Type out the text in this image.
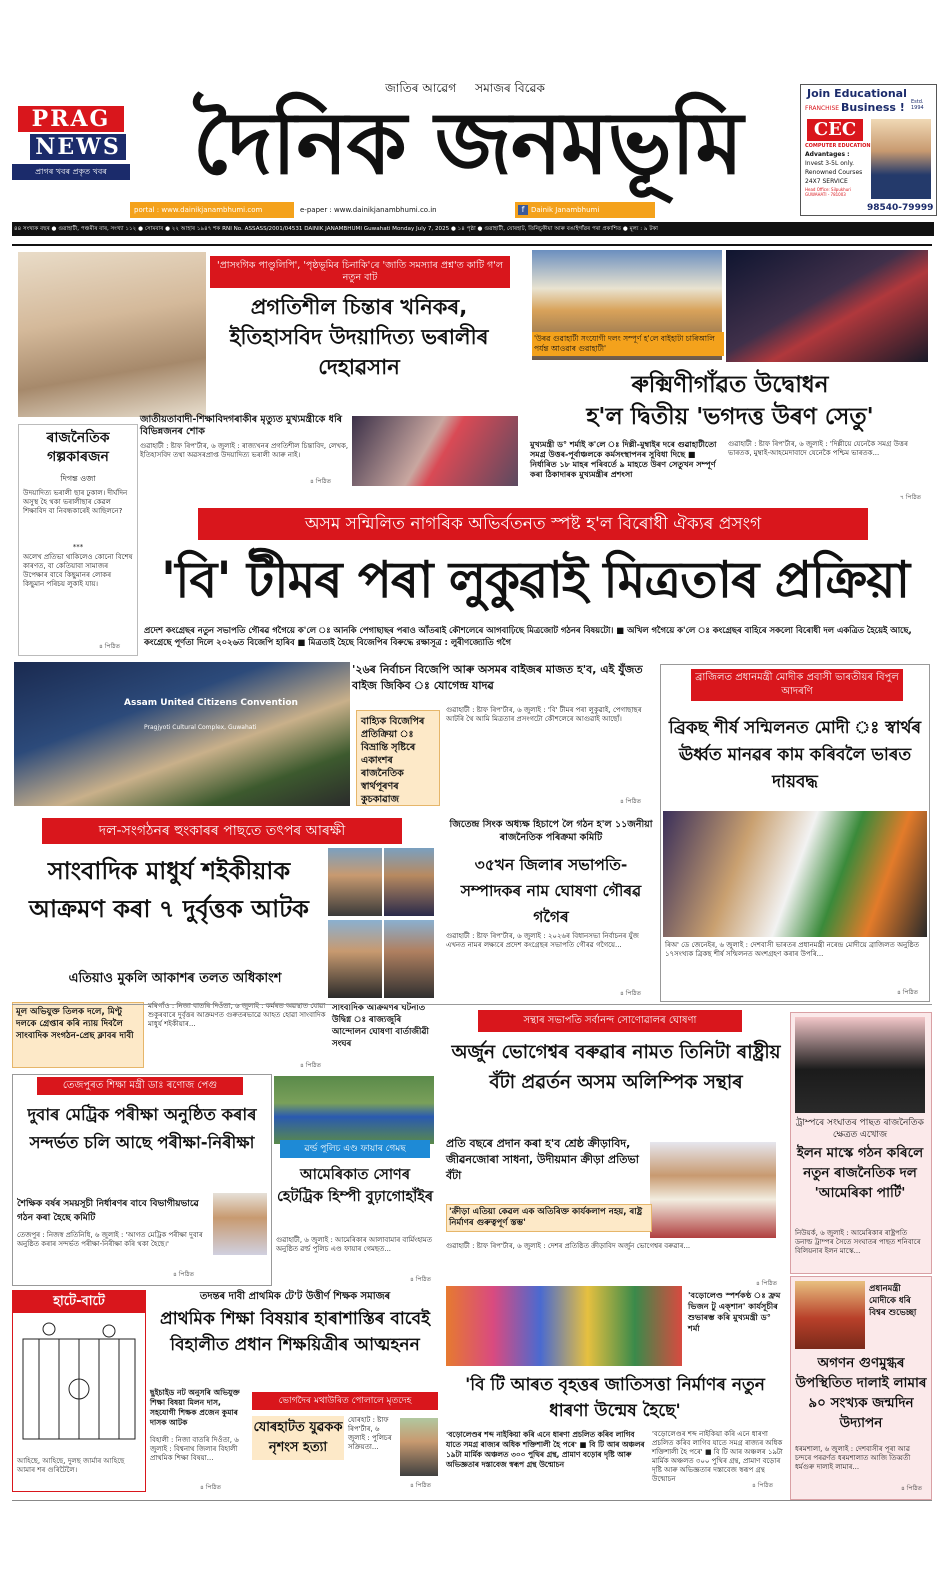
PRAG
NEWS
প্ৰাগৰ খবৰ প্ৰকৃত খবৰ
জাতিৰ আৱেগ সমাজৰ বিৱেক
দৈনিক জনমভূমি	Join Educational
FRANCHISE Business ! Estd. 1994
CEC
COMPUTER EDUCATION
Advantages :
Invest 3-5L only.
Renowned Courses
24X7 SERVICE
Head Office: Silpukhuri GUWAHATI - 781003
98540-79999
portal : www.dainikjanambhumi.com	e-paper : www.dainikjanambhumi.co.in	f Dainik Janambhumi
৪৪ সংখ্যক বছৰ ● গুৱাহাটী, পঞ্চমীৰ বাৰ, সংখ্যা ১১২ ● সোমবাৰ ● ২২ আহাৰ ১৯৪৭ শক RNI No. ASSASS/2001/04531 DAINIK JANAMBHUMI Guwahati Monday July 7, 2025 ● ১৪ পৃষ্ঠা ● গুৱাহাটী, যোৰহাট, তিনিচুকীয়া আৰু বঙাইগাঁৱৰ পৰা প্ৰকাশিত ● মূল্য : ৯ টকা
'প্ৰাসংগিক পাণ্ডুলিপি', 'পৃষ্ঠভূমিৰ চিনাকি'ৰে 'জাতি সমস্যাৰ প্ৰশ্ন'ত কাটি গ'ল নতুন বাট
প্ৰগতিশীল চিন্তাৰ খনিকৰ, ইতিহাসবিদ উদয়াদিত্য ভৰালীৰ দেহাৱসান
জাতীয়তাবাদী-শিক্ষাবিদগৰাকীৰ মৃত্যুত মুখ্যমন্ত্ৰীকে ধৰি বিভিন্নজনৰ শোক
গুৱাহাটী : ষ্টাফ ৰিপ'ৰ্টাৰ, ৬ জুলাই : ৰাজ্যখনৰ প্ৰগতিশীল চিন্তাবিদ, লেখক, ইতিহাসবিদ তথা অৱসৰপ্ৰাপ্ত উদয়াদিত্য ভৰালী আৰু নাই।
৪ পিঠিত
ৰাজনৈতিক গল্পকাৰজন
দিগন্ত ওজা
উদয়াদিত্য ভৰালী ছাৰ ঢুকাল। দীৰ্ঘদিন অসুস্থ হৈ থকা ভৰালীছাৰ কেৱল শিক্ষাবিদ বা নিবন্ধকাৰেই আছিলনে?
***
অলেখ প্ৰতিভা থাকিলেও কোনো বিশেষ কাৰণত, বা কেতিয়াবা সামাজৰ উপেক্ষাৰ বাবে কিছুমানৰ লোকৰ কিছুমান পৰিচয় লুকাই যায়।
৪ পিঠিত
'উৰৱ গুৱাহাটী সংযোগী দলং সম্পূৰ্ণ হ'লে বাইহাটা চাৰিআলি পৰ্যন্ত আওৱাৰ গুৱাহাটী'
ৰুক্মিণীগাঁৱত উদ্বোধন
হ'ল দ্বিতীয় 'ভগদত্ত উৰণ সেতু'
মুখ্যমন্ত্ৰী ড° শৰ্মাই ক'লে ঃ দিল্লী-মুম্বাইৰ দৰে গুৱাহাটীতো সমগ্ৰ উত্তৰ-পূৰ্বাঞ্চলকে কৰ্মসংস্থাপনৰ সুবিধা দিছে ■ নিৰ্ধাৰিত ১৮ মাহৰ পৰিবৰ্তে ৯ মাহতে উৰণ সেতুখন সম্পূৰ্ণ কৰা ঠিকাদাৰক মুখ্যমন্ত্ৰীৰ প্ৰশংসা
গুৱাহাটী : ষ্টাফ ৰিপ'ৰ্টাৰ, ৬ জুলাই : 'দিল্লীয়ে যেনেকৈ সমগ্ৰ উত্তৰ ভাৰতক, মুম্বাই-আহমেদাবাদে যেনেকৈ পশ্চিম ভাৰতক...
৭ পিঠিত
অসম সন্মিলিত নাগৰিক অভিৰ্বতনত স্পষ্ট হ'ল বিৰোধী ঐক্যৰ প্ৰসংগ
'বি' টীমৰ পৰা লুকুৱাই মিত্ৰতাৰ প্ৰক্ৰিয়া
প্ৰদেশ কংগ্ৰেছৰ নতুন সভাপতি গৌৰৱ গগৈয়ে ক'লে ঃ আনকি পেগাছাছৰ পৰাও আঁতৰাই কৌশলেৰে আগবাঢ়িছে মিত্ৰজোট গঠনৰ বিষয়টো। ■ অখিল গগৈয়ে ক'লে ঃ কংগ্ৰেছৰ বাহিৰে সকলো বিৰোধী দল একত্ৰিত হৈয়েই আছে, কংগ্ৰেছে পূৰ্ণতা দিলে ২০২৬ত বিজেপি হাৰিব ■ মিত্ৰতাই হৈছে বিজেপিৰ বিৰুদ্ধে রক্ষাসূত্ৰ : লুৰীণজ্যোতি গগৈ
Assam United Citizens Convention
Pragjyoti Cultural Complex, Guwahati
'২৬ৰ নিৰ্বাচন বিজেপি আৰু অসমৰ বাইজৰ মাজত হ'ব, এই যুঁজত বাইজ জিকিব ঃ যোগেন্দ্ৰ যাদৱ
বাহ্যিক বিজেপিৰ প্ৰতিক্ৰিয়া ঃ বিভ্ৰান্তি সৃষ্টিৰে একাংশৰ ৰাজনৈতিক স্বাৰ্থপূৰণৰ কুচকাৱাজ
গুৱাহাটী : ষ্টাফ ৰিপ'ৰ্টাৰ, ৬ জুলাই : 'বি' টীমৰ পৰা লুকুৱাই, পেগাছাছৰ আটৰি থৈ আমি মিত্ৰতাৰ প্ৰসংগটো কৌশলেৰে আগুৱাই আছোঁ।
৪ পিঠিত
ব্ৰাজিলত প্ৰধানমন্ত্ৰী মোদীক প্ৰবাসী ভাৰতীয়ৰ বিপুল আদৰণি
ব্ৰিকছ শীৰ্ষ সন্মিলনত মোদী ঃ স্বাৰ্থৰ ঊৰ্ধ্বত মানৱৰ কাম কৰিবলৈ ভাৰত দায়বদ্ধ
ৰিঅ' ডে জেনেইৰ, ৬ জুলাই : দেশবাসী ভাৰতৰ প্ৰধানমন্ত্ৰী নৰেন্দ্ৰ মোদীয়ে ব্ৰাজিলত অনুষ্ঠিত ১৭সংখ্যক ব্ৰিকছ শীৰ্ষ সন্মিলনত অংশগ্ৰহণ কৰাৰ উপৰি...
৪ পিঠিত
দল-সংগঠনৰ হুংকাৰৰ পাছতে তৎপৰ আৰক্ষী
সাংবাদিক মাধুৰ্য শইকীয়াক আক্ৰমণ কৰা ৭ দুৰ্বৃত্তক আটক
এতিয়াও মুকলি আকাশৰ তলত অধিকাংশ
মূল অভিযুক্ত তিলক দলে, মিণ্টু দলকে গ্ৰেপ্তাৰ কৰি ন্যায় দিবলৈ সাংবাদিক সংগঠন-প্ৰেছ ক্লাবৰ দাবী
মৰিগাঁও : নিজা বাতৰি দিওঁতা, ৬ জুলাই : কৰ্মৰত অৱস্থাত যোৱা শুকুৰবাৰে দুৰ্বৃত্তৰ আক্ৰমণত গুৰুতৰভাৱে আহত হোৱা সাংবাদিক মাধুৰ্য শইকীয়াৰ...
৪ পিঠিত
সাংবাদিক আক্ৰমণৰ ঘটনাত উদ্বিগ্ন ঃ ৰাজ্যজুৰি আন্দোলন ঘোষণা বাৰ্তাজীৱী সংঘৰ
জিতেন্দ্ৰ সিংক অধ্যক্ষ হিচাপে লৈ গঠন হ'ল ১১জনীয়া ৰাজনৈতিক পৰিক্ৰমা কমিটি
৩৫খন জিলাৰ সভাপতি-সম্পাদকৰ নাম ঘোষণা গৌৰৱ গগৈৰ
গুৱাহাটী : ষ্টাফ ৰিপ'ৰ্টাৰ, ৬ জুলাই : ২০২৬ৰ বিধানসভা নিৰ্বাচনৰ যুঁজ এখনত নামৰ লক্ষ্যৰে প্ৰদেশ কংগ্ৰেছৰ সভাপতি গৌৰৱ গগৈয়ে...
৪ পিঠিত
সন্থাৰ সভাপতি সৰ্বানন্দ সোণোৱালৰ ঘোষণা
অৰ্জুন ভোগেশ্বৰ বৰুৱাৰ নামত তিনিটা ৰাষ্ট্ৰীয় বঁটা প্ৰৱৰ্তন অসম অলিম্পিক সন্থাৰ
প্ৰতি বছৰে প্ৰদান কৰা হ'ব শ্ৰেষ্ঠ ক্ৰীড়াবিদ, জীৱনজোৰা সাধনা, উদীয়মান ক্ৰীড়া প্ৰতিভা বঁটা
'ক্ৰীড়া এতিয়া কেৱল এক অতিৰিক্ত কাৰ্যকলাপ নহয়, ৰাষ্ট্ৰ নিৰ্মাণৰ গুৰুত্বপূৰ্ণ স্তম্ভ'
গুৱাহাটী : ষ্টাফ ৰিপ'ৰ্টাৰ, ৬ জুলাই : দেশৰ প্ৰতিষ্ঠিত ক্ৰীড়াবিদ অৰ্জুন ভোগেশ্বৰ বৰুৱাৰ...
৪ পিঠিত
ট্ৰাম্পৰে সংঘাতৰ পাছত ৰাজনৈতিক ক্ষেত্ৰত এখোজ
ইলন মাস্কে গঠন কৰিলে নতুন ৰাজনৈতিক দল 'আমেৰিকা পাৰ্টি'
নিউয়ৰ্ক, ৬ জুলাই : আমেৰিকাৰ ৰাষ্ট্ৰপতি ডনাল্ড ট্ৰাম্পৰ সৈতে সংঘাতৰ পাছত শনিবাৰে বিলিয়নাৰ ইলন মাস্কে...
প্ৰধানমন্ত্ৰী মোদীকে ধৰি বিশ্বৰ শুভেচ্ছা
অগণন গুণমুগ্ধৰ উপস্থিতিত দালাই লামাৰ ৯০ সংখ্যক জন্মদিন উদ্যাপন
ধৰমশালা, ৬ জুলাই : দেশবাসীৰ পূৰা আৱ চন্দৰে পৰৱৰ্ণত ধৰমশালাত আজি তিব্বতী ধৰ্মগুৰু দালাই লামাৰ...
৪ পিঠিত
তেজপুৰত শিক্ষা মন্ত্ৰী ডাঃ ৰণোজ পেগু
দুবাৰ মেট্ৰিক পৰীক্ষা অনুষ্ঠিত কৰাৰ সন্দৰ্ভত চলি আছে পৰীক্ষা-নিৰীক্ষা
শৈক্ষিক বৰ্ষৰ সময়সূচী নিৰ্ধাৰণৰ বাবে বিভাগীয়ভাৱে গঠন কৰা হৈছে কমিটি
তেজপুৰ : নিজস্ব প্ৰতিনিধি, ৬ জুলাই : 'আগত মেট্ৰিক পৰীক্ষা দুবাৰ অনুষ্ঠিত কৰাৰ সন্দৰ্ভত পৰীক্ষা-নিৰীক্ষা কৰি থকা হৈছে।'
৪ পিঠিত
ৱৰ্ল্ড পুলিচ এণ্ড ফায়াৰ গেমছ
আমেৰিকাত সোণৰ হেটট্ৰিক হিম্পী বুঢ়াগোহাঁইৰ
গুৱাহাটী, ৬ জুলাই : আমেৰিকাৰ আলাবামাৰ বাৰ্মিংহামত অনুষ্ঠিত ৱৰ্ল্ড পুলিচ এণ্ড ফায়াৰ গেমছত...
৪ পিঠিত
হাটে-বাটে
আহিছে, আহিছে, দুলছ জাৰ্মাৰ আহিছে আমাৰ শৰ গুৰিটৈলৈ।
তদন্তৰ দাবী প্ৰাথমিক টে'ট উত্তীৰ্ণ শিক্ষক সমাজৰ
প্ৰাথমিক শিক্ষা বিষয়াৰ হাৰাশাস্তিৰ বাবেই বিহালীত প্ৰধান শিক্ষয়িত্ৰীৰ আত্মহনন
ছুইচাইড নট অনুসৰি অভিযুক্ত শিক্ষা বিষয়া মিলন দাস, সহযোগী শিক্ষক প্ৰজেন কুমাৰ দাসক আটক
বিহালী : নিজা বাতৰি দিওঁতা, ৬ জুলাই : বিশ্বনাথ জিলাৰ বিহালী প্ৰাথমিক শিক্ষা বিষয়া...
৪ পিঠিত
ভোগদৈৰ মথাউৰিত পোলালে মৃতদেহ
যোৰহাটত যুৱকক নৃশংস হত্যা
যোৰহাট : ষ্টাফ ৰিপ'ৰ্টাৰ, ৬ জুলাই : পুলিচৰ সক্ৰিয়তা...
৪ পিঠিত
'বড়োলেণ্ড স্পৰ্শকণ্ঠ ঃ ফ্ৰম ভিজন টু এক্শান' কাৰ্যসূচীৰ শুভাৰম্ভ কৰি মুখ্যমন্ত্ৰী ড° শৰ্মা
'বি টি আৰত বৃহত্তৰ জাতিসত্তা নিৰ্মাণৰ নতুন ধাৰণা উন্মেষ হৈছে'
'বড়োলেণ্ডৰ শব্দ নাইকিয়া কৰি এনে ধাৰণা প্ৰচলিত কৰিব লাগিব যাতে সমগ্ৰ ৰাজ্যৰ অধিক শক্তিশালী হৈ পৰে' ■ বি টি আৰ অঞ্চলৰ ১৯টা মাৰ্মিক অঞ্চলত ৩০০ পুথিৰ গ্ৰন্থ, প্ৰামাণ বড়োৰ দৃষ্টি আৰু অভিজ্ঞতাৰ দস্তাবেজ স্বৰূপ গ্ৰন্থ উন্মোচন
'বড়োলেণ্ডৰ শব্দ নাইকিয়া কৰি এনে ধাৰণা প্ৰচলিত কৰিব লাগিব যাতে সমগ্ৰ ৰাজ্যৰ অধিক শক্তিশালী হৈ পৰে' ■ বি টি আৰ অঞ্চলৰ ১৯টা মাৰ্মিক অঞ্চলত ৩০০ পুথিৰ গ্ৰন্থ, প্ৰামাণ বড়োৰ দৃষ্টি আৰু অভিজ্ঞতাৰ দস্তাবেজ স্বৰূপ গ্ৰন্থ উন্মোচন
৪ পিঠিত
